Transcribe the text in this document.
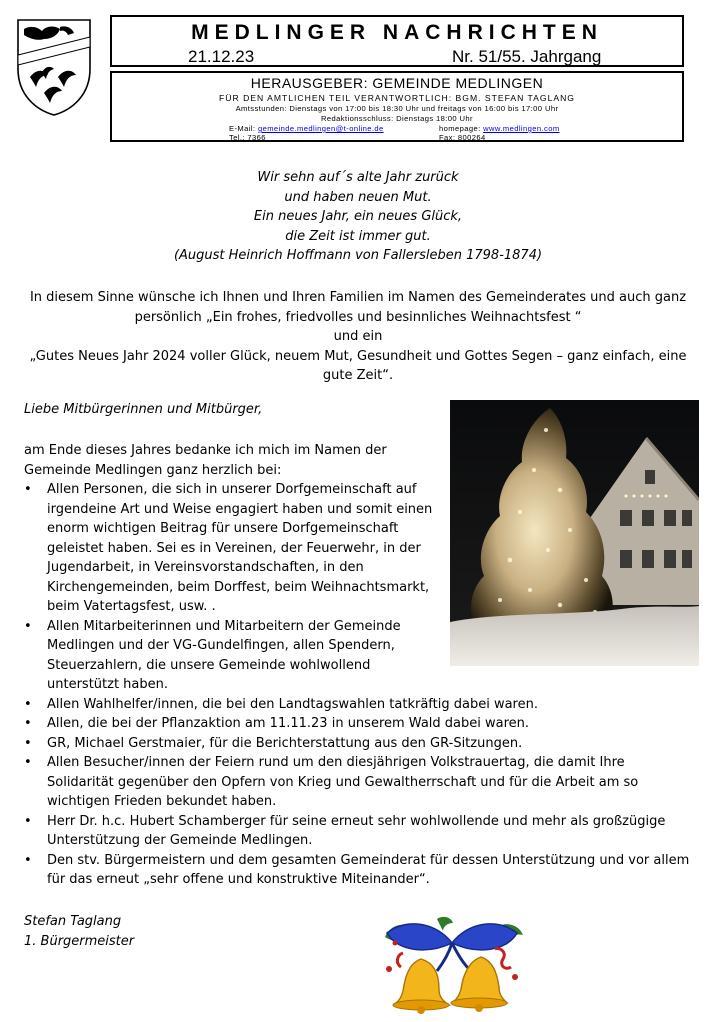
MEDLINGER NACHRICHTEN
21.12.23	Nr. 51/55. Jahrgang
HERAUSGEBER: GEMEINDE MEDLINGEN
FÜR DEN AMTLICHEN TEIL VERANTWORTLICH: BGM. STEFAN TAGLANG
Amtsstunden: Dienstags von 17:00 bis 18:30 Uhr und freitags von 16:00 bis 17:00 Uhr
Redaktionsschluss: Dienstags 18:00 Uhr
E-Mail: gemeinde.medlingen@t-online.de	homepage: www.medlingen.com
Tel.: 7366	Fax: 800264
Wir sehn auf´s alte Jahr zurück
und haben neuen Mut.
Ein neues Jahr, ein neues Glück,
die Zeit ist immer gut.
(August Heinrich Hoffmann von Fallersleben 1798-1874)
In diesem Sinne wünsche ich Ihnen und Ihren Familien im Namen des Gemeinderates und auch ganz
persönlich „Ein frohes, friedvolles und besinnliches Weihnachtsfest “
und ein
„Gutes Neues Jahr 2024 voller Glück, neuem Mut, Gesundheit und Gottes Segen – ganz einfach, eine
gute Zeit“.
Liebe Mitbürgerinnen und Mitbürger,
am Ende dieses Jahres bedanke ich mich im Namen der
Gemeinde Medlingen ganz herzlich bei:
• Allen Personen, die sich in unserer Dorfgemeinschaft auf irgendeine Art und Weise engagiert haben und somit einen enorm wichtigen Beitrag für unsere Dorfgemeinschaft geleistet haben. Sei es in Vereinen, der Feuerwehr, in der Jugendarbeit, in Vereinsvorstandschaften, in den Kirchengemeinden, beim Dorffest, beim Weihnachtsmarkt, beim Vatertagsfest, usw. .
• Allen Mitarbeiterinnen und Mitarbeitern der Gemeinde Medlingen und der VG-Gundelfingen, allen Spendern, Steuerzahlern, die unsere Gemeinde wohlwollend unterstützt haben.
• Allen Wahlhelfer/innen, die bei den Landtagswahlen tatkräftig dabei waren.
• Allen, die bei der Pflanzaktion am 11.11.23 in unserem Wald dabei waren.
• GR, Michael Gerstmaier, für die Berichterstattung aus den GR-Sitzungen.
• Allen Besucher/innen der Feiern rund um den diesjährigen Volkstrauertag, die damit Ihre Solidarität gegenüber den Opfern von Krieg und Gewaltherrschaft und für die Arbeit am so wichtigen Frieden bekundet haben.
• Herr Dr. h.c. Hubert Schamberger für seine erneut sehr wohlwollende und mehr als großzügige Unterstützung der Gemeinde Medlingen.
• Den stv. Bürgermeistern und dem gesamten Gemeinderat für dessen Unterstützung und vor allem für das erneut „sehr offene und konstruktive Miteinander“.
Stefan Taglang
1. Bürgermeister
